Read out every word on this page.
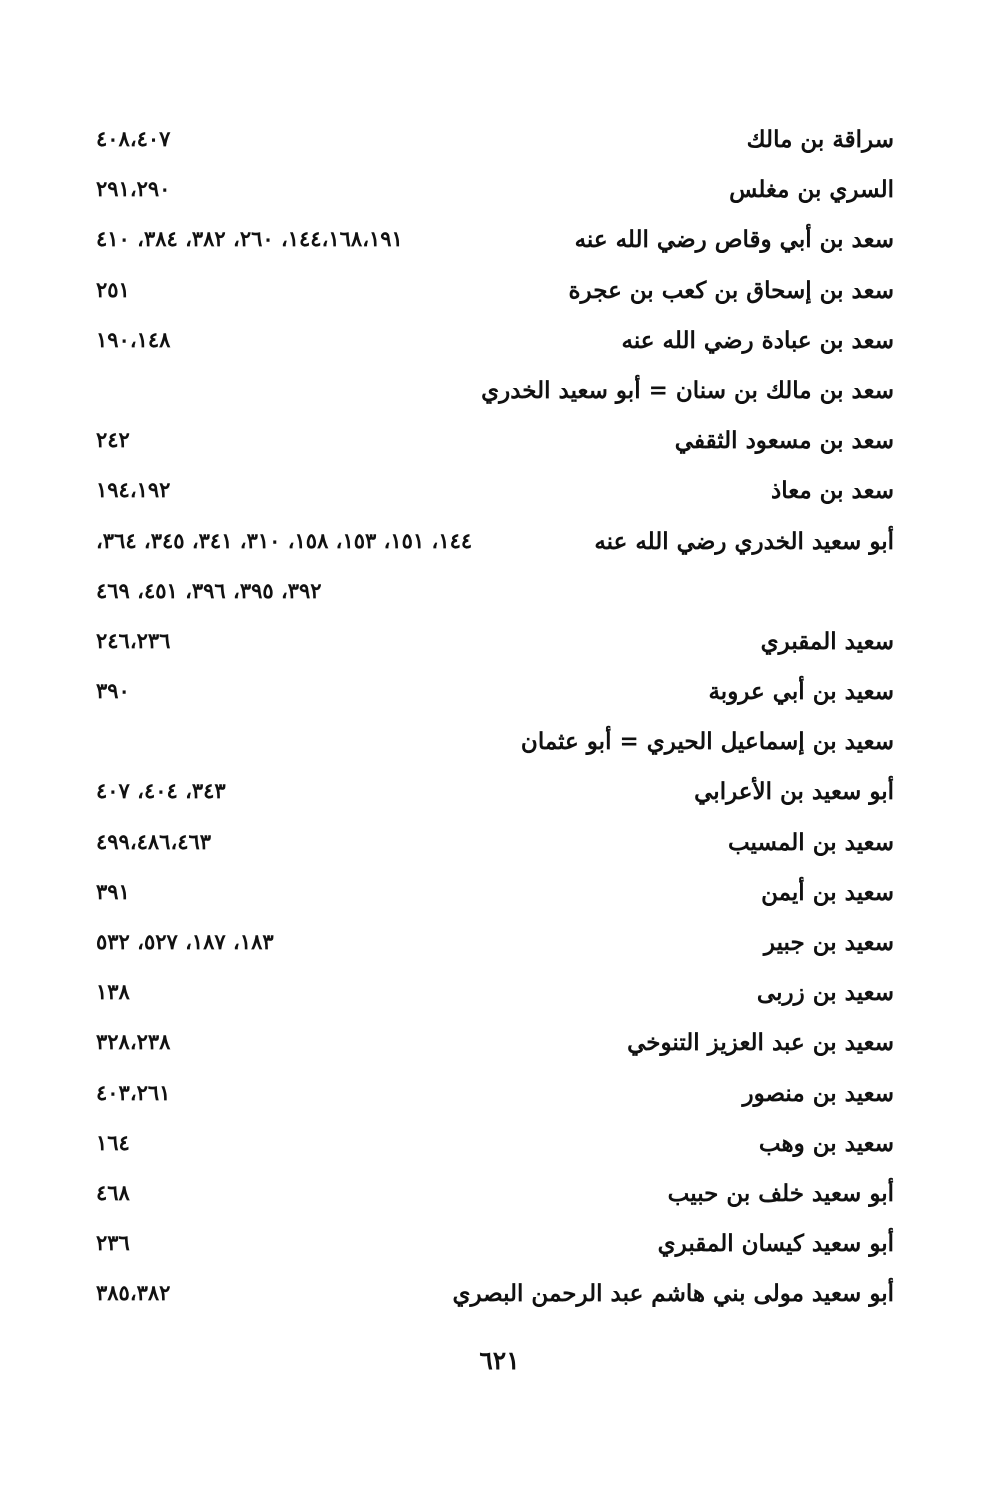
سراقة بن مالك
٤٠٨،٤٠٧
السري بن مغلس
٢٩١،٢٩٠
سعد بن أبي وقاص رضي الله عنه
١٤٤،١٦٨،١٩١، ٢٦٠، ٣٨٢، ٣٨٤، ٤١٠
سعد بن إسحاق بن كعب بن عجرة
٢٥١
سعد بن عبادة رضي الله عنه
١٩٠،١٤٨
سعد بن مالك بن سنان = أبو سعيد الخدري
سعد بن مسعود الثقفي
٢٤٢
سعد بن معاذ
١٩٤،١٩٢
أبو سعيد الخدري رضي الله عنه
١٤٤، ١٥١، ١٥٣، ١٥٨، ٣١٠، ٣٤١، ٣٤٥، ٣٦٤،
٣٩٢، ٣٩٥، ٣٩٦، ٤٥١، ٤٦٩
سعيد المقبري
٢٤٦،٢٣٦
سعيد بن أبي عروبة
٣٩٠
سعيد بن إسماعيل الحيري = أبو عثمان
أبو سعيد بن الأعرابي
٣٤٣، ٤٠٤، ٤٠٧
سعيد بن المسيب
٤٩٩،٤٨٦،٤٦٣
سعيد بن أيمن
٣٩١
سعيد بن جبير
١٨٣، ١٨٧، ٥٢٧، ٥٣٢
سعيد بن زربى
١٣٨
سعيد بن عبد العزيز التنوخي
٣٢٨،٢٣٨
سعيد بن منصور
٤٠٣،٢٦١
سعيد بن وهب
١٦٤
أبو سعيد خلف بن حبيب
٤٦٨
أبو سعيد كيسان المقبري
٢٣٦
أبو سعيد مولى بني هاشم عبد الرحمن البصري
٣٨٥،٣٨٢
٦٢١
